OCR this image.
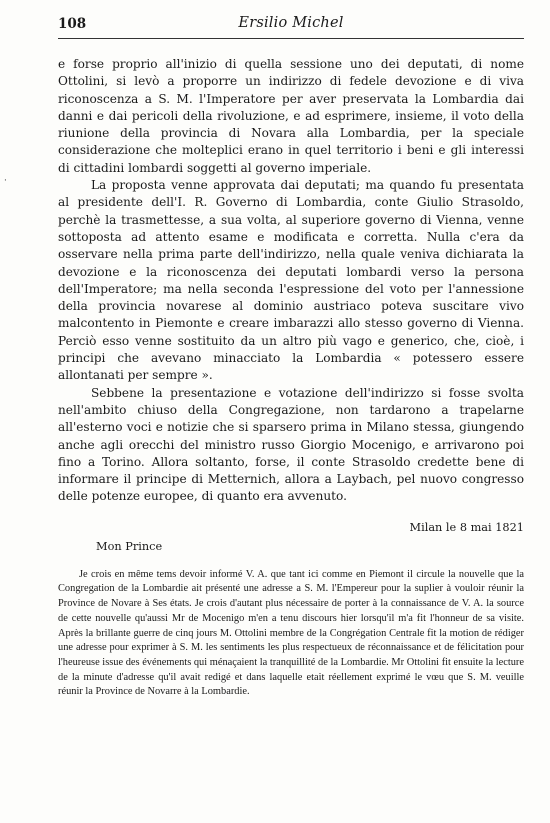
108	Ersilio Michel

e forse proprio all'inizio di quella sessione uno dei deputati, di nome Ottolini, si levò a proporre un indirizzo di fedele devozione e di viva riconoscenza a S. M. l'Imperatore per aver preservata la Lombardia dai danni e dai pericoli della rivoluzione, e ad esprimere, insieme, il voto della riunione della provincia di Novara alla Lombardia, per la speciale considerazione che molteplici erano in quel territorio i beni e gli interessi di cittadini lombardi soggetti al governo imperiale.

La proposta venne approvata dai deputati; ma quando fu presentata al presidente dell'I. R. Governo di Lombardia, conte Giulio Strasoldo, perchè la trasmettesse, a sua volta, al superiore governo di Vienna, venne sottoposta ad attento esame e modificata e corretta. Nulla c'era da osservare nella prima parte dell'indirizzo, nella quale veniva dichiarata la devozione e la riconoscenza dei deputati lombardi verso la persona dell'Imperatore; ma nella seconda l'espressione del voto per l'annessione della provincia novarese al dominio austriaco poteva suscitare vivo malcontento in Piemonte e creare imbarazzi allo stesso governo di Vienna. Perciò esso venne sostituito da un altro più vago e generico, che, cioè, i principi che avevano minacciato la Lombardia « potessero essere allontanati per sempre ».

Sebbene la presentazione e votazione dell'indirizzo si fosse svolta nell'ambito chiuso della Congregazione, non tardarono a trapelarne all'esterno voci e notizie che si sparsero prima in Milano stessa, giungendo anche agli orecchi del ministro russo Giorgio Mocenigo, e arrivarono poi fino a Torino. Allora soltanto, forse, il conte Strasoldo credette bene di informare il principe di Metternich, allora a Laybach, pel nuovo congresso delle potenze europee, di quanto era avvenuto.

Milan le 8 mai 1821
Mon Prince

Je crois en même tems devoir informé V. A. que tant ici comme en Piemont il circule la nouvelle que la Congregation de la Lombardie ait présenté une adresse a S. M. l'Empereur pour la suplier à vouloir réunir la Province de Novare à Ses états. Je crois d'autant plus nécessaire de porter à la connaissance de V. A. la source de cette nouvelle qu'aussi Mr de Mocenigo m'en a tenu discours hier lorsqu'il m'a fit l'honneur de sa visite. Après la brillante guerre de cinq jours M. Ottolini membre de la Congrégation Centrale fit la motion de rédiger une adresse pour exprimer à S. M. les sentiments les plus respectueux de réconnaissance et de félicitation pour l'heureuse issue des événements qui ménaçaient la tranquillité de la Lombardie. Mr Ottolini fit ensuite la lecture de la minute d'adresse qu'il avait redigé et dans laquelle etait réellement exprimé le vœu que S. M. veuille réunir la Province de Novarre à la Lombardie.

·
